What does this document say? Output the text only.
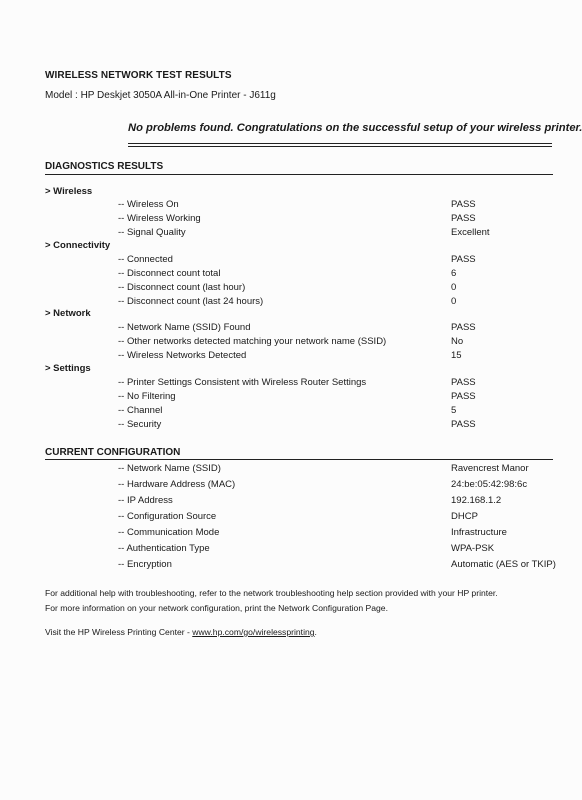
WIRELESS NETWORK TEST RESULTS
Model : HP Deskjet 3050A All-in-One Printer - J611g
No problems found. Congratulations on the successful setup of your wireless printer.
DIAGNOSTICS RESULTS
> Wireless
-- Wireless On	PASS
-- Wireless Working	PASS
-- Signal Quality	Excellent
> Connectivity
-- Connected	PASS
-- Disconnect count total	6
-- Disconnect count (last hour)	0
-- Disconnect count (last 24 hours)	0
> Network
-- Network Name (SSID) Found	PASS
-- Other networks detected matching your network name (SSID)	No
-- Wireless Networks Detected	15
> Settings
-- Printer Settings Consistent with Wireless Router Settings	PASS
-- No Filtering	PASS
-- Channel	5
-- Security	PASS
CURRENT CONFIGURATION
-- Network Name (SSID)	Ravencrest Manor
-- Hardware Address (MAC)	24:be:05:42:98:6c
-- IP Address	192.168.1.2
-- Configuration Source	DHCP
-- Communication Mode	Infrastructure
-- Authentication Type	WPA-PSK
-- Encryption	Automatic (AES or TKIP)
For additional help with troubleshooting, refer to the network troubleshooting help section provided with your HP printer.
For more information on your network configuration, print the Network Configuration Page.
Visit the HP Wireless Printing Center - www.hp.com/go/wirelessprinting.
